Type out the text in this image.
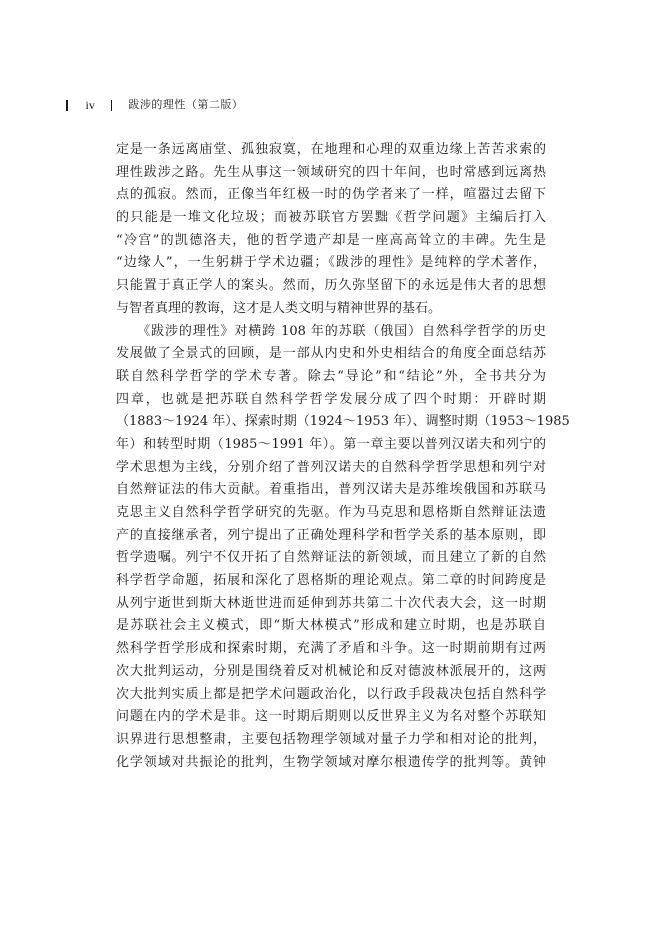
iv	跋涉的理性（第二版）
定是一条远离庙堂、孤独寂寞，在地理和心理的双重边缘上苦苦求索的
理性跋涉之路。先生从事这一领域研究的四十年间，也时常感到远离热
点的孤寂。然而，正像当年红极一时的伪学者来了一样，喧嚣过去留下
的只能是一堆文化垃圾；而被苏联官方罢黜《哲学问题》主编后打入
“冷宫”的凯德洛夫，他的哲学遗产却是一座高高耸立的丰碑。先生是
“边缘人”，一生躬耕于学术边疆；《跋涉的理性》是纯粹的学术著作，
只能置于真正学人的案头。然而，历久弥坚留下的永远是伟大者的思想
与智者真理的教诲，这才是人类文明与精神世界的基石。
　　《跋涉的理性》对横跨 108 年的苏联（俄国）自然科学哲学的历史
发展做了全景式的回顾，是一部从内史和外史相结合的角度全面总结苏
联自然科学哲学的学术专著。除去“导论”和“结论”外，全书共分为
四章，也就是把苏联自然科学哲学发展分成了四个时期：开辟时期
（1883～1924 年）、探索时期（1924～1953 年）、调整时期（1953～1985
年）和转型时期（1985～1991 年）。第一章主要以普列汉诺夫和列宁的
学术思想为主线，分别介绍了普列汉诺夫的自然科学哲学思想和列宁对
自然辩证法的伟大贡献。着重指出，普列汉诺夫是苏维埃俄国和苏联马
克思主义自然科学哲学研究的先驱。作为马克思和恩格斯自然辩证法遗
产的直接继承者，列宁提出了正确处理科学和哲学关系的基本原则，即
哲学遗嘱。列宁不仅开拓了自然辩证法的新领域，而且建立了新的自然
科学哲学命题，拓展和深化了恩格斯的理论观点。第二章的时间跨度是
从列宁逝世到斯大林逝世进而延伸到苏共第二十次代表大会，这一时期
是苏联社会主义模式，即“斯大林模式”形成和建立时期，也是苏联自
然科学哲学形成和探索时期，充满了矛盾和斗争。这一时期前期有过两
次大批判运动，分别是围绕着反对机械论和反对德波林派展开的，这两
次大批判实质上都是把学术问题政治化，以行政手段裁决包括自然科学
问题在内的学术是非。这一时期后期则以反世界主义为名对整个苏联知
识界进行思想整肃，主要包括物理学领域对量子力学和相对论的批判，
化学领域对共振论的批判，生物学领域对摩尔根遗传学的批判等。黄钟
